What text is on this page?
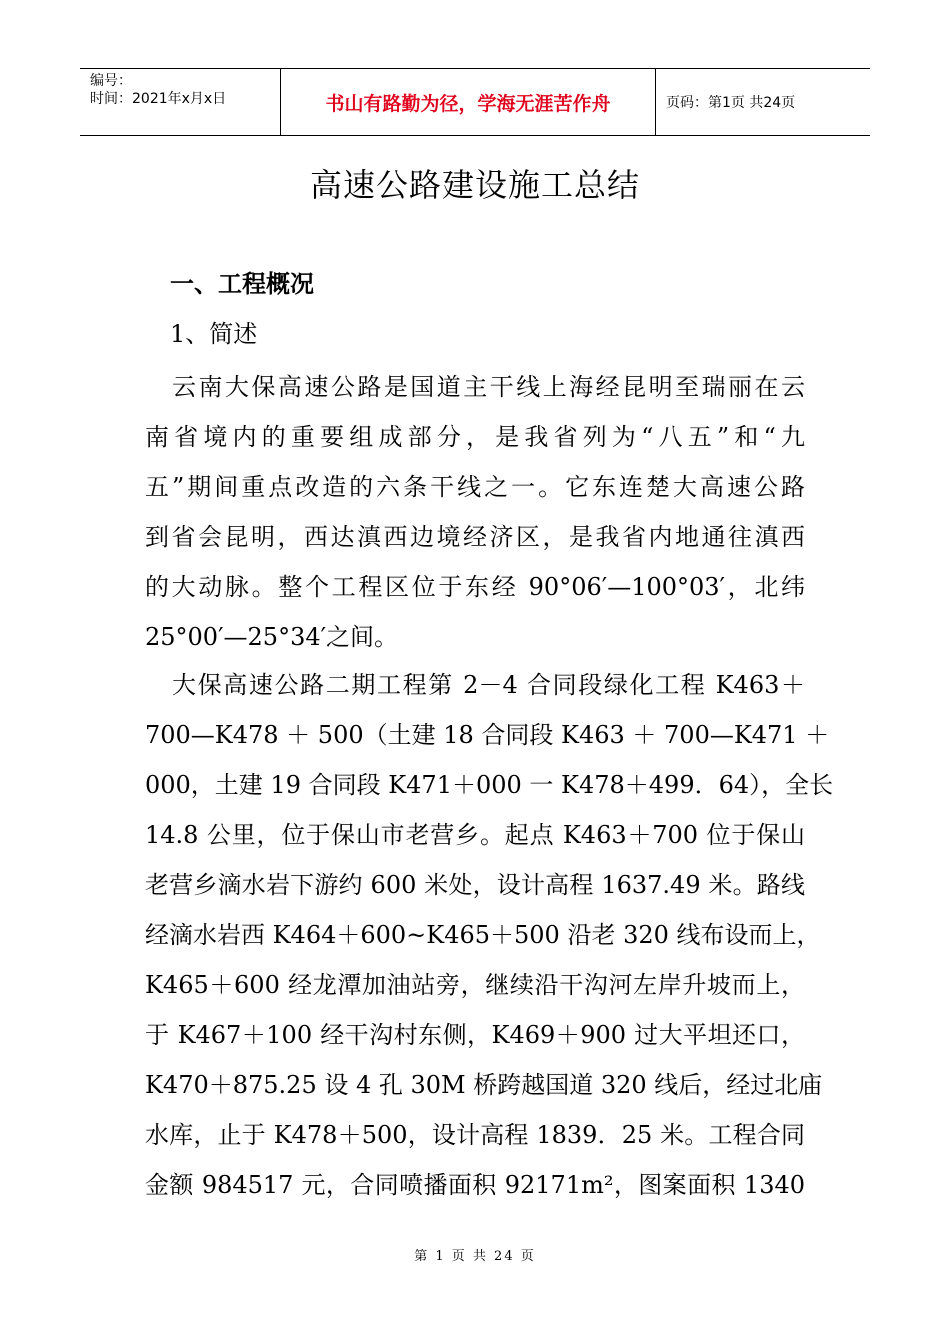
编号：
时间：2021年x月x日	书山有路勤为径，学海无涯苦作舟	页码：第1页 共24页
高速公路建设施工总结
一、工程概况
1、简述
云南大保高速公路是国道主干线上海经昆明至瑞丽在云
南省境内的重要组成部分，是我省列为“八五”和“九
五”期间重点改造的六条干线之一。它东连楚大高速公路
到省会昆明，西达滇西边境经济区，是我省内地通往滇西
的大动脉。整个工程区位于东经 90°06′—100°03′，北纬
25°00′—25°34′之间。
大保高速公路二期工程第 2－4 合同段绿化工程 K463＋
700—K478 ＋ 500（土建 18 合同段 K463 ＋ 700—K471 ＋
000，土建 19 合同段 K471＋000 一 K478＋499．64），全长
14.8 公里，位于保山市老营乡。起点 K463＋700 位于保山
老营乡滴水岩下游约 600 米处，设计高程 1637.49 米。路线
经滴水岩西 K464＋600~K465＋500 沿老 320 线布设而上，
K465＋600 经龙潭加油站旁，继续沿干沟河左岸升坡而上，
于 K467＋100 经干沟村东侧，K469＋900 过大平坦还口，
K470＋875.25 设 4 孔 30M 桥跨越国道 320 线后，经过北庙
水库，止于 K478＋500，设计高程 1839．25 米。工程合同
金额 984517 元，合同喷播面积 92171m²，图案面积 1340
第 1 页 共 24 页
